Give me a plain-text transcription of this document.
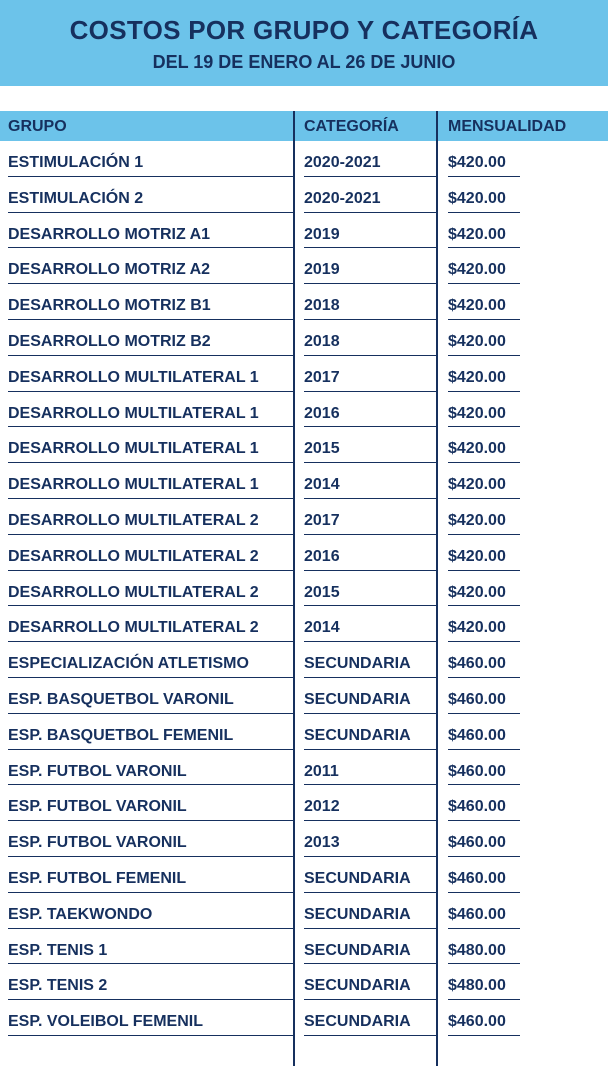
COSTOS POR GRUPO Y CATEGORÍA
DEL 19 DE ENERO AL 26 DE JUNIO
GRUPO	CATEGORÍA	MENSUALIDAD
ESTIMULACIÓN 1	2020-2021	$420.00
ESTIMULACIÓN 2	2020-2021	$420.00
DESARROLLO MOTRIZ A1	2019	$420.00
DESARROLLO MOTRIZ A2	2019	$420.00
DESARROLLO MOTRIZ B1	2018	$420.00
DESARROLLO MOTRIZ B2	2018	$420.00
DESARROLLO MULTILATERAL 1	2017	$420.00
DESARROLLO MULTILATERAL 1	2016	$420.00
DESARROLLO MULTILATERAL 1	2015	$420.00
DESARROLLO MULTILATERAL 1	2014	$420.00
DESARROLLO MULTILATERAL 2	2017	$420.00
DESARROLLO MULTILATERAL 2	2016	$420.00
DESARROLLO MULTILATERAL 2	2015	$420.00
DESARROLLO MULTILATERAL 2	2014	$420.00
ESPECIALIZACIÓN ATLETISMO	SECUNDARIA $460.00
ESP. BASQUETBOL VARONIL	SECUNDARIA $460.00
ESP. BASQUETBOL FEMENIL	SECUNDARIA $460.00
ESP. FUTBOL VARONIL	2011	$460.00
ESP. FUTBOL VARONIL	2012	$460.00
ESP. FUTBOL VARONIL	2013	$460.00
ESP. FUTBOL FEMENIL	SECUNDARIA $460.00
ESP. TAEKWONDO	SECUNDARIA $460.00
ESP. TENIS 1	SECUNDARIA $480.00
ESP. TENIS 2	SECUNDARIA $480.00
ESP. VOLEIBOL FEMENIL	SECUNDARIA $460.00
